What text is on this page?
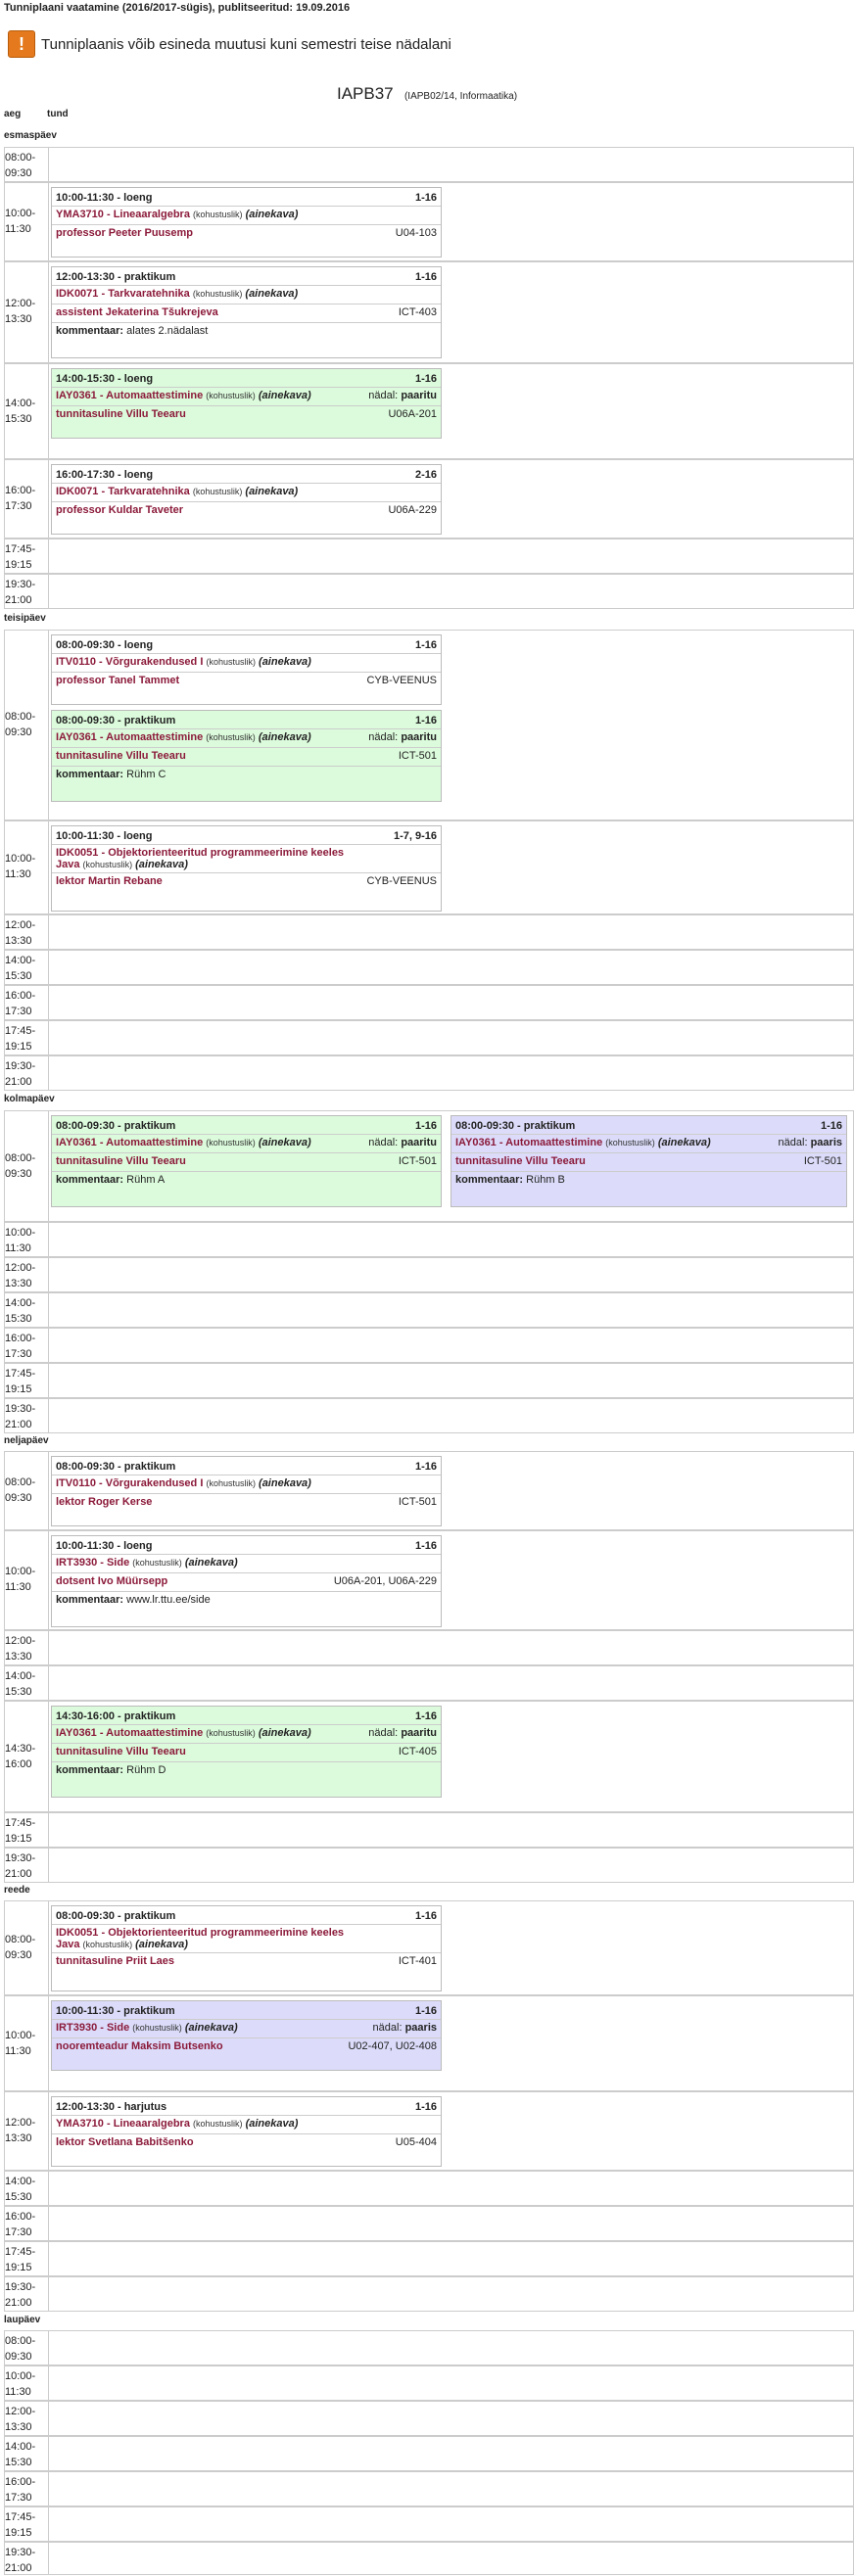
Tunniplaani vaatamine (2016/2017-sügis), publitseeritud: 19.09.2016
!	Tunniplaanis võib esineda muutusi kuni semestri teise nädalani
IAPB37 (IAPB02/14, Informaatika)
aeg	tund
esmaspäev
08:00-
09:30
10:00-
11:30
10:00-11:30 - loeng	1-16
YMA3710 - Lineaaralgebra (kohustuslik) (ainekava)
professor Peeter Puusemp	U04-103
12:00-
13:30
12:00-13:30 - praktikum	1-16
IDK0071 - Tarkvaratehnika (kohustuslik) (ainekava)
assistent Jekaterina Tšukrejeva	ICT-403
kommentaar: alates 2.nädalast
14:00-
15:30
14:00-15:30 - loeng	1-16
IAY0361 - Automaattestimine (kohustuslik) (ainekava)	nädal: paaritu
tunnitasuline Villu Teearu	U06A-201
16:00-
17:30
16:00-17:30 - loeng	2-16
IDK0071 - Tarkvaratehnika (kohustuslik) (ainekava)
professor Kuldar Taveter	U06A-229
17:45-
19:15
19:30-
21:00
teisipäev
08:00-
09:30
08:00-09:30 - loeng	1-16
ITV0110 - Võrgurakendused I (kohustuslik) (ainekava)
professor Tanel Tammet	CYB-VEENUS
08:00-09:30 - praktikum	1-16
IAY0361 - Automaattestimine (kohustuslik) (ainekava)	nädal: paaritu
tunnitasuline Villu Teearu	ICT-501
kommentaar: Rühm C
10:00-
11:30
10:00-11:30 - loeng	1-7, 9-16
IDK0051 - Objektorienteeritud programmeerimine keeles
Java (kohustuslik) (ainekava)
lektor Martin Rebane	CYB-VEENUS
12:00-
13:30
14:00-
15:30
16:00-
17:30
17:45-
19:15
19:30-
21:00
kolmapäev
08:00-
09:30
08:00-09:30 - praktikum	1-16
IAY0361 - Automaattestimine (kohustuslik) (ainekava)	nädal: paaritu
tunnitasuline Villu Teearu	ICT-501
kommentaar: Rühm A
08:00-09:30 - praktikum	1-16
IAY0361 - Automaattestimine (kohustuslik) (ainekava)	nädal: paaris
tunnitasuline Villu Teearu	ICT-501
kommentaar: Rühm B
10:00-
11:30
12:00-
13:30
14:00-
15:30
16:00-
17:30
17:45-
19:15
19:30-
21:00
neljapäev
08:00-
09:30
08:00-09:30 - praktikum	1-16
ITV0110 - Võrgurakendused I (kohustuslik) (ainekava)
lektor Roger Kerse	ICT-501
10:00-
11:30
10:00-11:30 - loeng	1-16
IRT3930 - Side (kohustuslik) (ainekava)
dotsent Ivo Müürsepp	U06A-201, U06A-229
kommentaar: www.lr.ttu.ee/side
12:00-
13:30
14:00-
15:30
14:30-
16:00
14:30-16:00 - praktikum	1-16
IAY0361 - Automaattestimine (kohustuslik) (ainekava)	nädal: paaritu
tunnitasuline Villu Teearu	ICT-405
kommentaar: Rühm D
17:45-
19:15
19:30-
21:00
reede
08:00-
09:30
08:00-09:30 - praktikum	1-16
IDK0051 - Objektorienteeritud programmeerimine keeles
Java (kohustuslik) (ainekava)
tunnitasuline Priit Laes	ICT-401
10:00-
11:30
10:00-11:30 - praktikum	1-16
IRT3930 - Side (kohustuslik) (ainekava)	nädal: paaris
nooremteadur Maksim Butsenko	U02-407, U02-408
12:00-
13:30
12:00-13:30 - harjutus	1-16
YMA3710 - Lineaaralgebra (kohustuslik) (ainekava)
lektor Svetlana Babitšenko	U05-404
14:00-
15:30
16:00-
17:30
17:45-
19:15
19:30-
21:00
laupäev
08:00-
09:30
10:00-
11:30
12:00-
13:30
14:00-
15:30
16:00-
17:30
17:45-
19:15
19:30-
21:00
